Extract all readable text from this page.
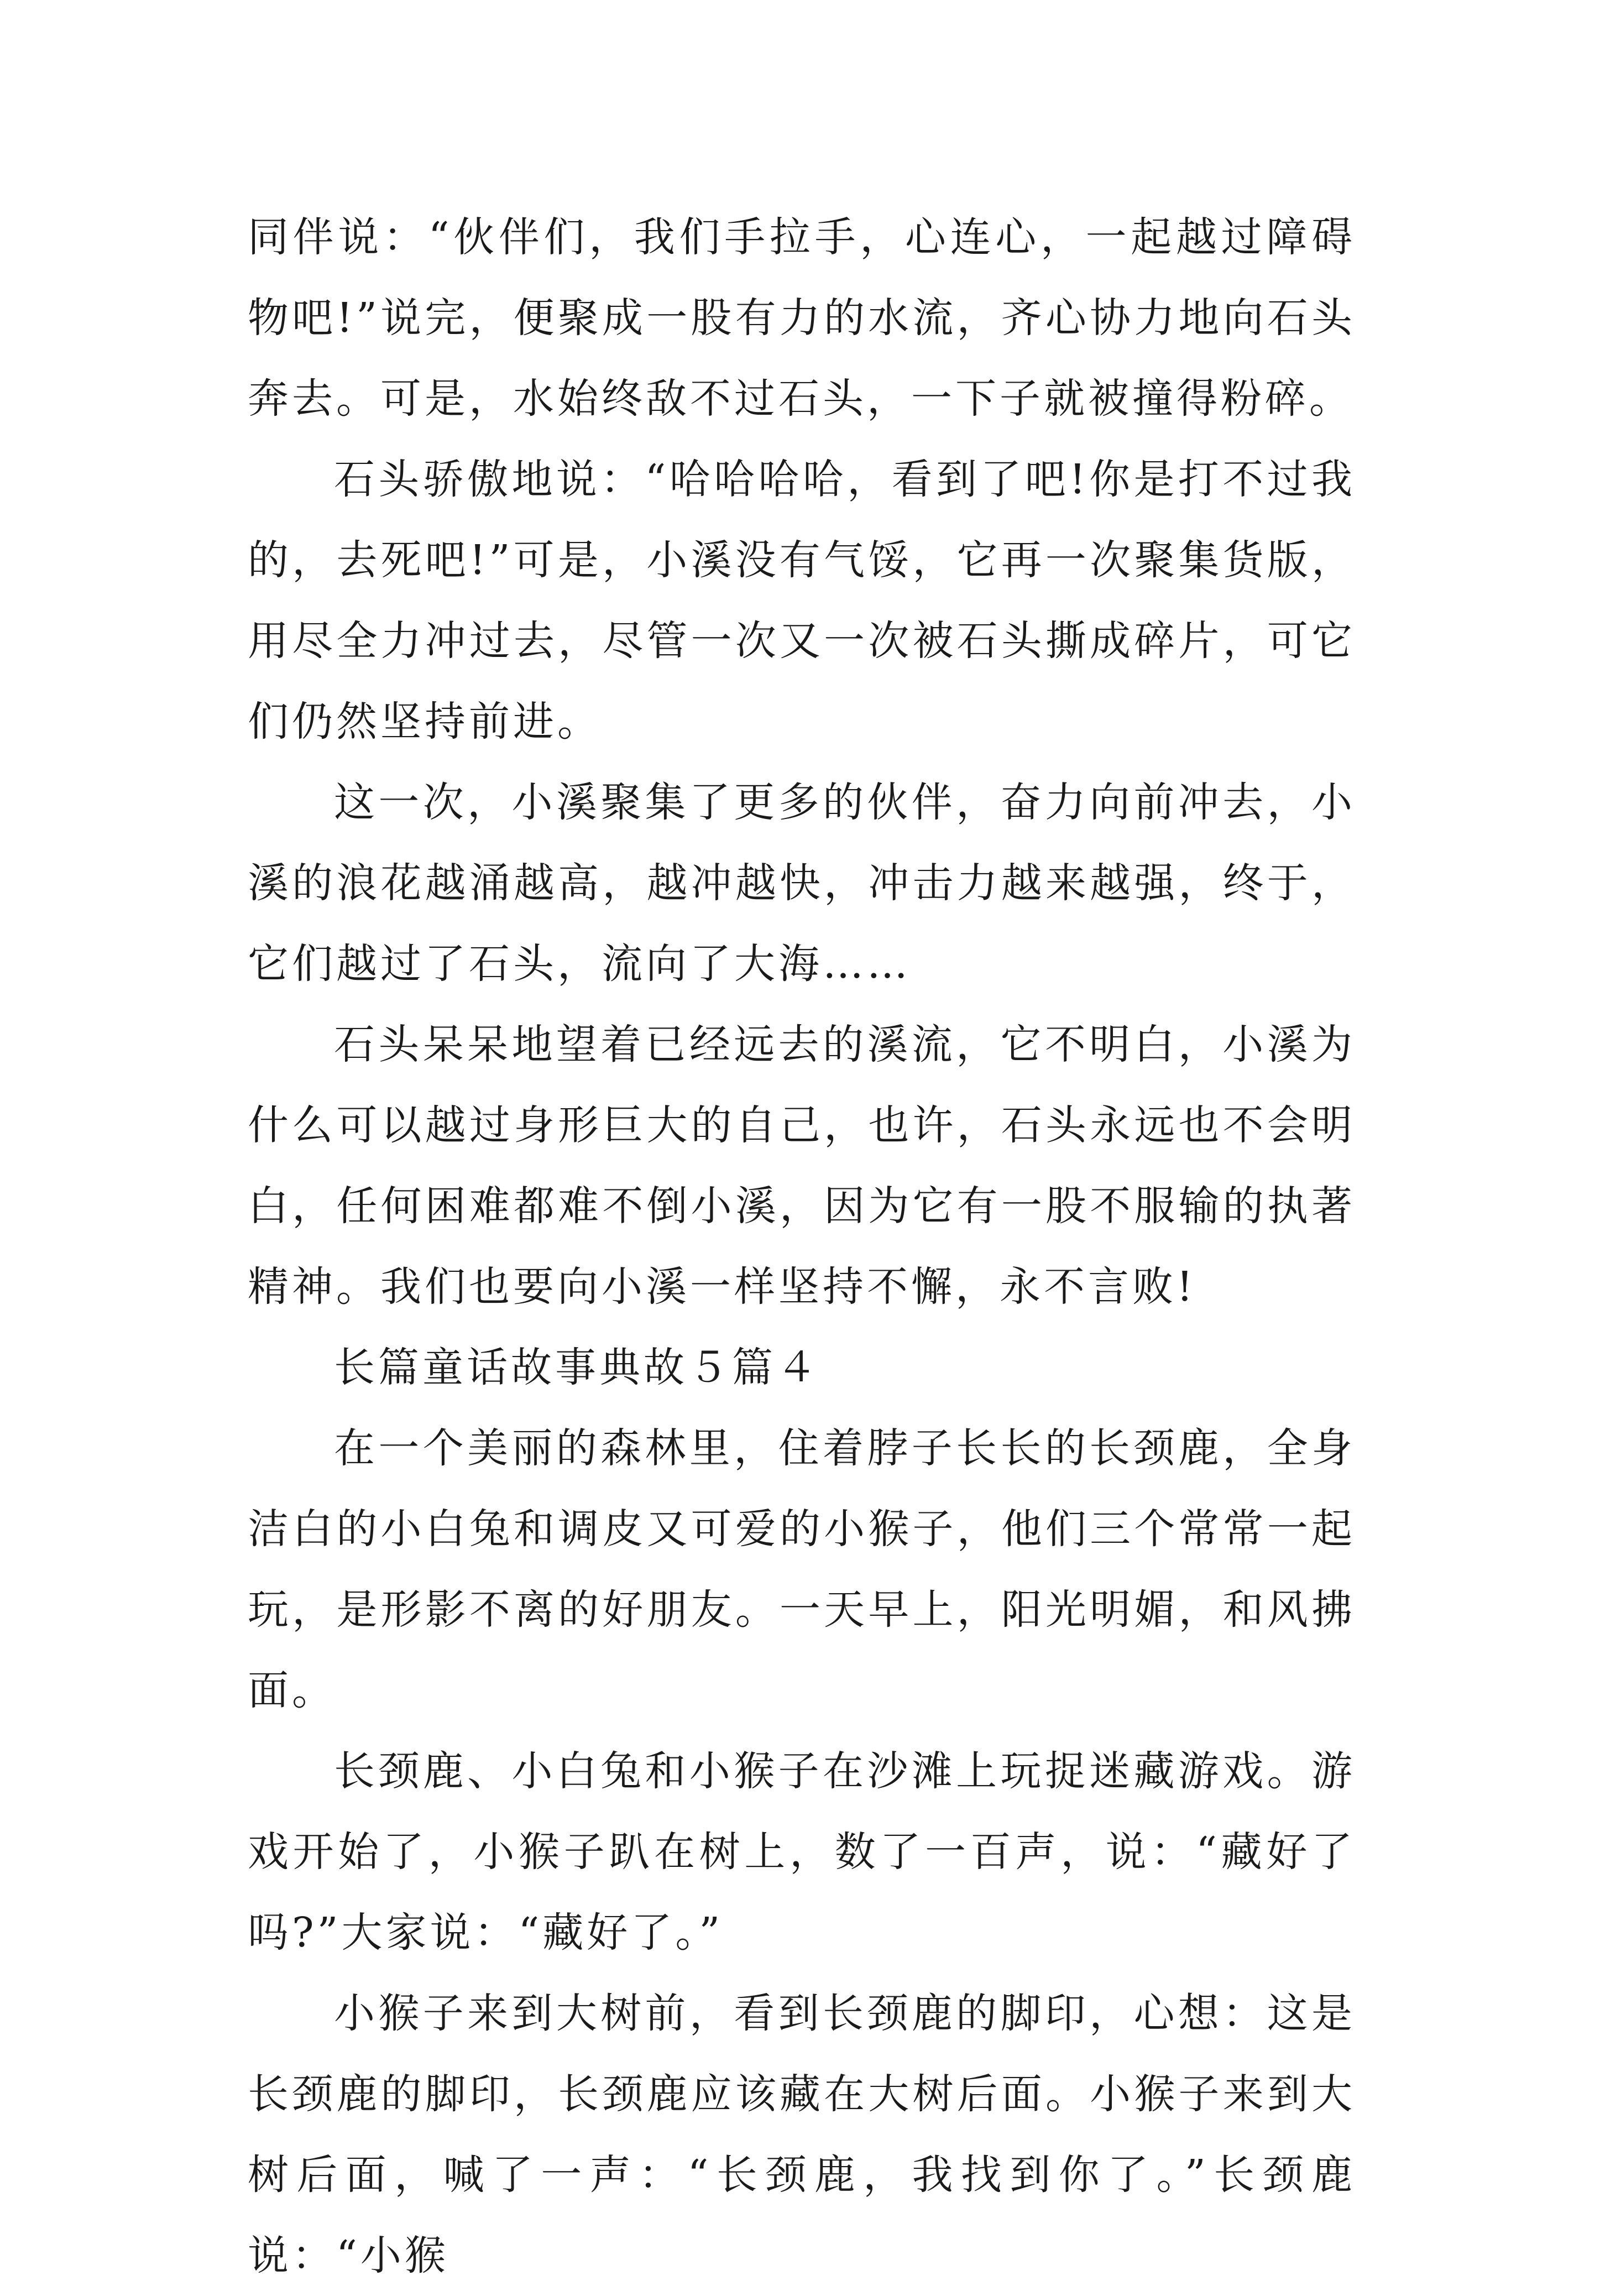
同伴说：“伙伴们，我们手拉手，心连心，一起越过障碍物吧!”说完，便聚成一股有力的水流，齐心协力地向石头奔去。可是，水始终敌不过石头，一下子就被撞得粉碎。

石头骄傲地说：“哈哈哈哈，看到了吧!你是打不过我的，去死吧!”可是，小溪没有气馁，它再一次聚集货版，用尽全力冲过去，尽管一次又一次被石头撕成碎片，可它们仍然坚持前进。

这一次，小溪聚集了更多的伙伴，奋力向前冲去，小溪的浪花越涌越高，越冲越快，冲击力越来越强，终于，它们越过了石头，流向了大海……

石头呆呆地望着已经远去的溪流，它不明白，小溪为什么可以越过身形巨大的自己，也许，石头永远也不会明白，任何困难都难不倒小溪，因为它有一股不服输的执著精神。我们也要向小溪一样坚持不懈，永不言败!

长篇童话故事典故５篇４

在一个美丽的森林里，住着脖子长长的长颈鹿，全身洁白的小白兔和调皮又可爱的小猴子，他们三个常常一起玩，是形影不离的好朋友。一天早上，阳光明媚，和风拂面。

长颈鹿、小白兔和小猴子在沙滩上玩捉迷藏游戏。游戏开始了，小猴子趴在树上，数了一百声，说：“藏好了吗?”大家说：“藏好了。”

小猴子来到大树前，看到长颈鹿的脚印，心想：这是长颈鹿的脚印，长颈鹿应该藏在大树后面。小猴子来到大树后面，喊了一声：“长颈鹿，我找到你了。”长颈鹿说：“小猴
